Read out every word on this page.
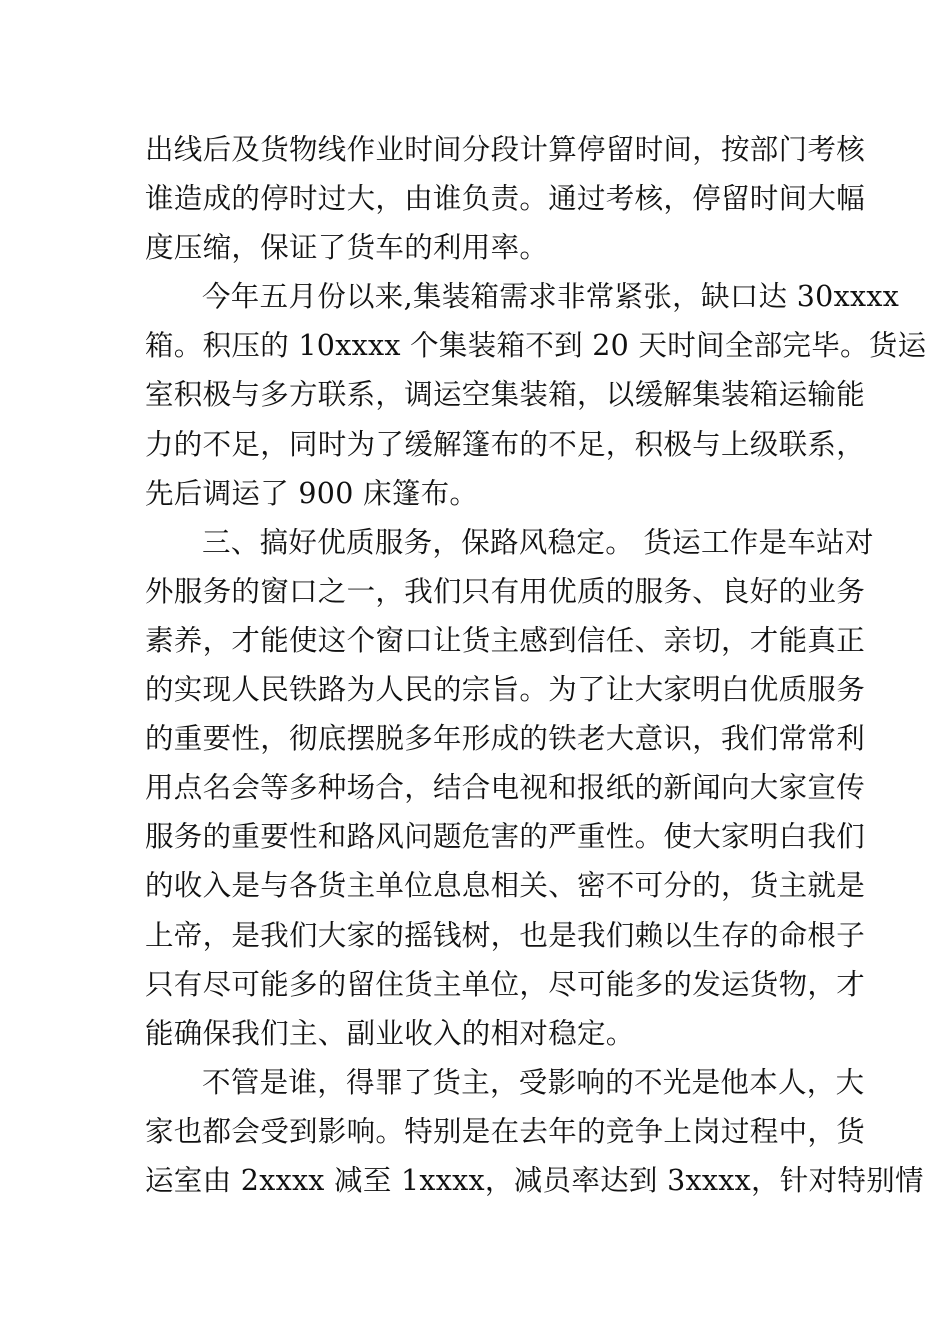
出线后及货物线作业时间分段计算停留时间，按部门考核
谁造成的停时过大，由谁负责。通过考核，停留时间大幅
度压缩，保证了货车的利用率。
今年五月份以来,集装箱需求非常紧张，缺口达 30xxxx
箱。积压的 10xxxx 个集装箱不到 20 天时间全部完毕。货运
室积极与多方联系，调运空集装箱，以缓解集装箱运输能
力的不足，同时为了缓解篷布的不足，积极与上级联系，
先后调运了 900 床篷布。
三、搞好优质服务，保路风稳定。 货运工作是车站对
外服务的窗口之一，我们只有用优质的服务、良好的业务
素养，才能使这个窗口让货主感到信任、亲切，才能真正
的实现人民铁路为人民的宗旨。为了让大家明白优质服务
的重要性，彻底摆脱多年形成的铁老大意识，我们常常利
用点名会等多种场合，结合电视和报纸的新闻向大家宣传
服务的重要性和路风问题危害的严重性。使大家明白我们
的收入是与各货主单位息息相关、密不可分的，货主就是
上帝，是我们大家的摇钱树，也是我们赖以生存的命根子
只有尽可能多的留住货主单位，尽可能多的发运货物，才
能确保我们主、副业收入的相对稳定。
不管是谁，得罪了货主，受影响的不光是他本人，大
家也都会受到影响。特别是在去年的竞争上岗过程中，货
运室由 2xxxx 减至 1xxxx，减员率达到 3xxxx，针对特别情
